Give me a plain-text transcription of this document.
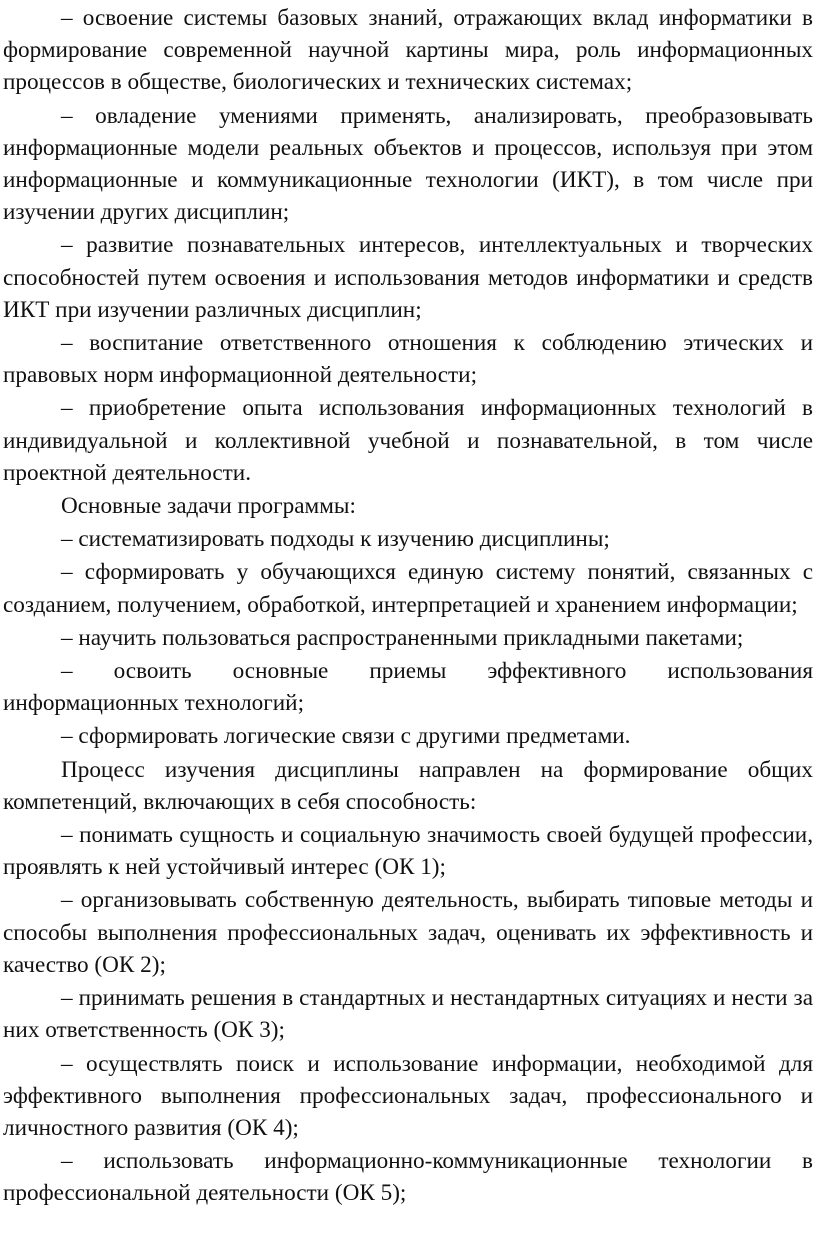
– освоение системы базовых знаний, отражающих вклад информатики в формирование современной научной картины мира, роль информационных процессов в обществе, биологических и технических системах;

– овладение умениями применять, анализировать, преобразовывать информационные модели реальных объектов и процессов, используя при этом информационные и коммуникационные технологии (ИКТ), в том числе при изучении других дисциплин;

– развитие познавательных интересов, интеллектуальных и творческих способностей путем освоения и использования методов информатики и средств ИКТ при изучении различных дисциплин;

– воспитание ответственного отношения к соблюдению этических и правовых норм информационной деятельности;

– приобретение опыта использования информационных технологий в индивидуальной и коллективной учебной и познавательной, в том числе проектной деятельности.

Основные задачи программы:

– систематизировать подходы к изучению дисциплины;

– сформировать у обучающихся единую систему понятий, связанных с созданием, получением, обработкой, интерпретацией и хранением информации;

– научить пользоваться распространенными прикладными пакетами;

– освоить основные приемы эффективного использования информационных технологий;

– сформировать логические связи с другими предметами.

Процесс изучения дисциплины направлен на формирование общих компетенций, включающих в себя способность:

– понимать сущность и социальную значимость своей будущей профессии, проявлять к ней устойчивый интерес (ОК 1);

– организовывать собственную деятельность, выбирать типовые методы и способы выполнения профессиональных задач, оценивать их эффективность и качество (ОК 2);

– принимать решения в стандартных и нестандартных ситуациях и нести за них ответственность (ОК 3);

– осуществлять поиск и использование информации, необходимой для эффективного выполнения профессиональных задач, профессионального и личностного развития (ОК 4);

– использовать информационно-коммуникационные технологии в профессиональной деятельности (ОК 5);
